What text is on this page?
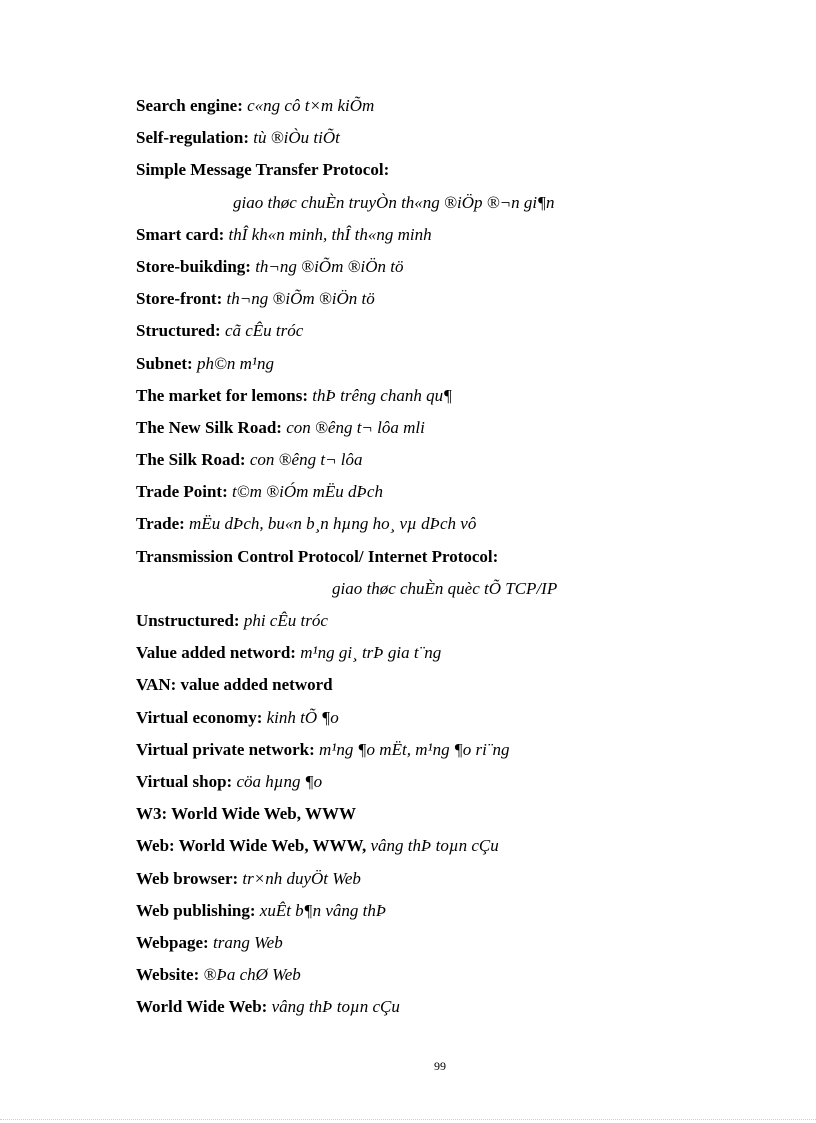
Search engine: c«ng cô t×m kiÕm
Self-regulation: tù ®iÒu tiÕt
Simple Message Transfer Protocol:
giao thøc chuÈn truyÒn th«ng ®iÖp ®¬n gi¶n
Smart card: thÎ kh«n minh, thÎ th«ng minh
Store-buikding: th¬ng ®iÕm ®iÖn tö
Store-front: th¬ng ®iÕm ®iÖn tö
Structured: cã cÊu tróc
Subnet: ph©n m¹ng
The market for lemons: thÞ trêng chanh qu¶
The New Silk Road: con ®êng t¬ lôa mli
The Silk Road: con ®êng t¬ lôa
Trade Point: t©m ®iÓm mËu dÞch
Trade: mËu dÞch, bu«n b¸n hµng ho¸ vµ dÞch vô
Transmission Control Protocol/ Internet Protocol:
giao thøc chuÈn quèc tÕ TCP/IP
Unstructured: phi cÊu tróc
Value added netword: m¹ng gi¸ trÞ gia t¨ng
VAN: value added netword
Virtual economy: kinh tÕ ¶o
Virtual private network: m¹ng ¶o mËt, m¹ng ¶o ri¨ng
Virtual shop: cöa hµng ¶o
W3: World Wide Web, WWW
Web: World Wide Web, WWW, vâng thÞ toµn cÇu
Web browser: tr×nh duyÖt Web
Web publishing: xuÊt b¶n vâng thÞ
Webpage: trang Web
Website: ®Þa chØ Web
World Wide Web: vâng thÞ toµn cÇu
99
